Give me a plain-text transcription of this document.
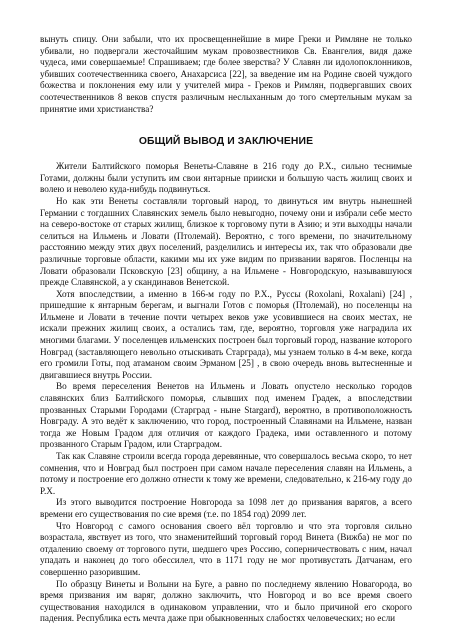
вынуть спицу. Они забыли, что их просвещеннейшие в мире Греки и Римляне не только убивали, но подвергали жесточайшим мукам провозвестников Св. Евангелия, видя даже чудеса, ими совершаемые! Спрашиваем; где более зверства? У Славян ли идолопоклонников, убивших соотечественника своего, Анахарсиса [22], за введение им на Родине своей чуждого божества и поклонения ему или у учителей мира - Греков и Римлян, подвергавших своих соотечественников 8 веков спустя различным неслыханным до того смертельным мукам за принятие ими христианства?

ОБЩИЙ ВЫВОД И ЗАКЛЮЧЕНИЕ

Жители Балтийского поморья Венеты-Славяне в 216 году до Р.Х., сильно теснимые Готами, должны были уступить им свои янтарные прииски и большую часть жилищ своих и волею и неволею куда-нибудь подвинуться.

Но как эти Венеты составляли торговый народ, то двинуться им внутрь нынешней Германии с тогдашних Славянских земель было невыгодно, почему они и избрали себе место на северо-востоке от старых жилищ, близкое к торговому пути в Азию; и эти выходцы начали селиться на Ильмень и Ловати (Птолемай). Вероятно, с того времени, по значительному расстоянию между этих двух поселений, разделились и интересы их, так что образовали две различные торговые области, какими мы их уже видим по призвании варягов. Посленцы на Ловати образовали Псковскую [23] общину, а на Ильмене - Новгородскую, называвшуюся прежде Славянской, а у скандинавов Венетской.

Хотя впоследствии, а именно в 166-м году по Р.Х., Руссы (Roxolani, Roxalani) [24] , пришедшие к янтарным берегам, и выгнали Готов с поморья (Птолемай), но поселенцы на Ильмене и Ловати в течение почти четырех веков уже усовившиеся на своих местах, не искали прежних жилищ своих, а остались там, где, вероятно, торговля уже наградила их многими благами. У поселенцев ильменских построен был торговый город, название которого Новград (заставляющего невольно отыскивать Старграда), мы узнаем только в 4-м веке, когда его громили Готы, под атаманом своим Эрманом [25] , в свою очередь вновь вытесненные и двигавшиеся внутрь России.

Во время переселения Венетов на Ильмень и Ловать опустело несколько городов славянских близ Балтийского поморья, слывших под именем Градек, а впоследствии прозванных Старыми Городами (Старград - ныне Stargard), вероятно, в противоположность Новграду. А это ведёт к заключению, что город, построенный Славянами на Ильмене, назван тогда же Новым Градом для отличия от каждого Градека, ими оставленного и потому прозванного Старым Градом, или Старградом.

Так как Славяне строили всегда города деревянные, что совершалось весьма скоро, то нет сомнения, что и Новград был построен при самом начале переселения славян на Ильмень, а потому и построение его должно отнести к тому же времени, следовательно, к 216-му году до Р.Х.

Из этого выводится построение Новгорода за 1098 лет до призвания варягов, а всего времени его существования по сие время (т.е. по 1854 год) 2099 лет.

Что Новгород с самого основания своего вёл торговлю и что эта торговля сильно возрастала, явствует из того, что знаменитейший торговый город Винета (Вижба) не мог по отдалению своему от торгового пути, шедшего чрез Россию, соперничествовать с ним, начал упадать и наконец до того обессилел, что в 1171 году не мог противустать Датчанам, его совершенно разорившим.

По образцу Винеты и Волыни на Буге, а равно по последнему явлению Новагорода, во время призвания им варяг, должно заключить, что Новгород и во все время своего существования находился в одинаковом управлении, что и было причиной его скорого падения. Республика есть мечта даже при обыкновенных слабостях человеческих; но если
